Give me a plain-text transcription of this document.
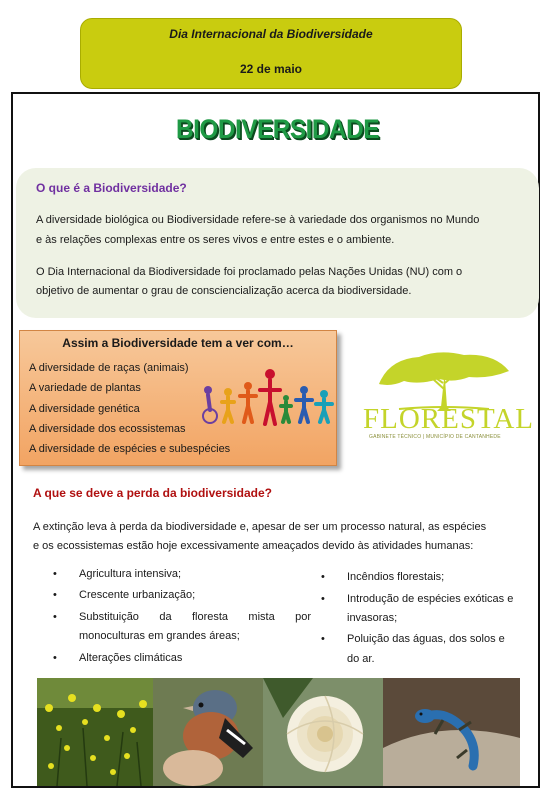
Dia Internacional da Biodiversidade
22 de maio
BIODIVERSIDADE
O que é a Biodiversidade?
A diversidade biológica ou Biodiversidade refere-se à variedade dos organismos no Mundo
e às relações complexas entre os seres vivos e entre estes e o ambiente.
O Dia Internacional da Biodiversidade foi proclamado pelas Nações Unidas (NU) com o
objetivo de aumentar o grau de consciencialização acerca da biodiversidade.
Assim a Biodiversidade tem a ver com…
A diversidade de raças (animais)
A variedade de plantas
A diversidade genética
A diversidade dos ecossistemas
A diversidade de espécies e subespécies
FLORESTAL
GABINETE TÉCNICO | MUNICÍPIO DE CANTANHEDE
A que se deve a perda da biodiversidade?
A extinção leva à perda da biodiversidade e, apesar de ser um processo natural, as espécies
e os ecossistemas estão hoje excessivamente ameaçados devido às atividades humanas:
• Agricultura intensiva;
• Crescente urbanização;
• Substituição da floresta mista por
monoculturas em grandes áreas;
• Alterações climáticas
• Incêndios florestais;
• Introdução de espécies exóticas e
invasoras;
• Poluição das águas, dos solos e
do ar.
